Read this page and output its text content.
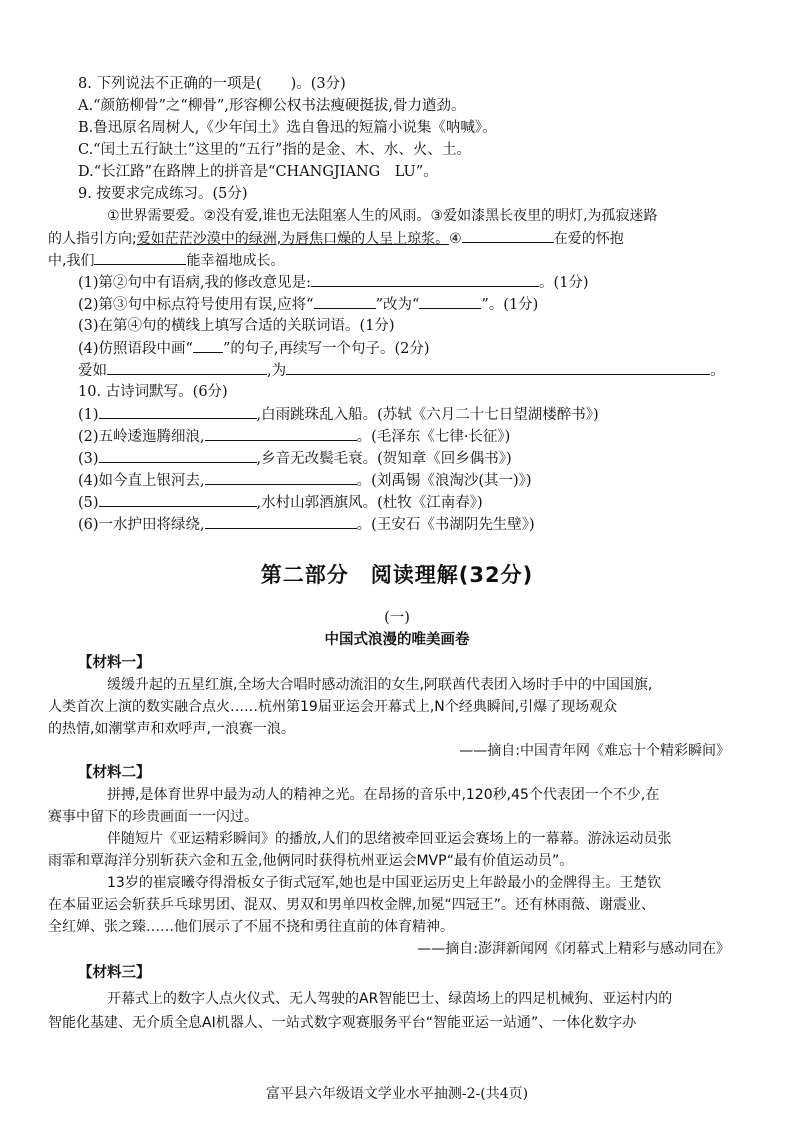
8. 下列说法不正确的一项是(　　)。(3分)
A.“颜筋柳骨”之“柳骨”,形容柳公权书法瘦硬挺拔,骨力遒劲。
B.鲁迅原名周树人,《少年闰土》选自鲁迅的短篇小说集《呐喊》。
C.“闰土五行缺土”这里的“五行”指的是金、木、水、火、土。
D.“长江路”在路牌上的拼音是“CHANGJIANG　LU”。
9. 按要求完成练习。(5分)
①世界需要爱。②没有爱,谁也无法阻塞人生的风雨。③爱如漆黑长夜里的明灯,为孤寂迷路
的人指引方向;爱如茫茫沙漠中的绿洲,为唇焦口燥的人呈上琼浆。④	在爱的怀抱
中,我们	能幸福地成长。
(1)第②句中有语病,我的修改意见是:	。(1分)
(2)第③句中标点符号使用有误,应将“	”改为“	”。(1分)
(3)在第④句的横线上填写合适的关联词语。(1分)
(4)仿照语段中画“ ”的句子,再续写一个句子。(2分)
爱如	,为	。
10. 古诗词默写。(6分)
(1)	,白雨跳珠乱入船。(苏轼《六月二十七日望湖楼醉书》)
(2)五岭逶迤腾细浪,	。(毛泽东《七律·长征》)
(3)	,乡音无改鬓毛衰。(贺知章《回乡偶书》)
(4)如今直上银河去,	。(刘禹锡《浪淘沙(其一)》)
(5)	,水村山郭酒旗风。(杜牧《江南春》)
(6)一水护田将绿绕,	。(王安石《书湖阴先生壁》)
第二部分　阅读理解(32分)
(一)
中国式浪漫的唯美画卷
【材料一】
缓缓升起的五星红旗,全场大合唱时感动流泪的女生,阿联酋代表团入场时手中的中国国旗,
人类首次上演的数实融合点火……杭州第19届亚运会开幕式上,N个经典瞬间,引爆了现场观众
的热情,如潮掌声和欢呼声,一浪赛一浪。
——摘自:中国青年网《难忘十个精彩瞬间》
【材料二】
拼搏,是体育世界中最为动人的精神之光。在昂扬的音乐中,120秒,45个代表团一个不少,在
赛事中留下的珍贵画面一一闪过。
伴随短片《亚运精彩瞬间》的播放,人们的思绪被牵回亚运会赛场上的一幕幕。游泳运动员张
雨霏和覃海洋分别斩获六金和五金,他俩同时获得杭州亚运会MVP“最有价值运动员”。
13岁的崔宸曦夺得滑板女子街式冠军,她也是中国亚运历史上年龄最小的金牌得主。王楚钦
在本届亚运会斩获乒乓球男团、混双、男双和男单四枚金牌,加冕“四冠王”。还有林雨薇、谢震业、
全红婵、张之臻……他们展示了不屈不挠和勇往直前的体育精神。
——摘自:澎湃新闻网《闭幕式上精彩与感动同在》
【材料三】
开幕式上的数字人点火仪式、无人驾驶的AR智能巴士、绿茵场上的四足机械狗、亚运村内的
智能化基建、无介质全息AI机器人、一站式数字观赛服务平台“智能亚运一站通”、一体化数字办
富平县六年级语文学业水平抽测-2-(共4页)
